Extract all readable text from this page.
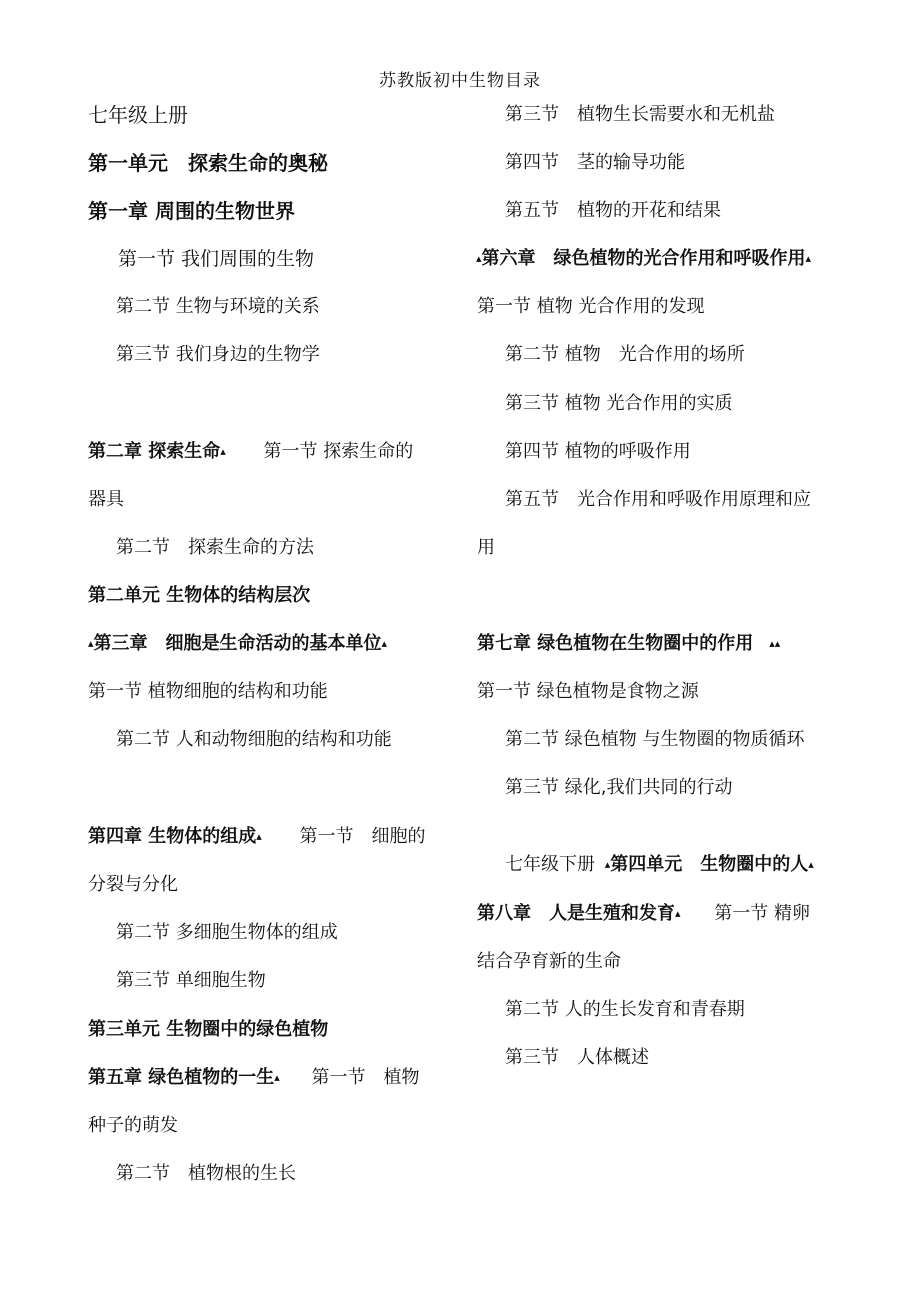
苏教版初中生物目录
七年级上册
第一单元　探索生命的奥秘
第一章 周围的生物世界
第一节 我们周围的生物
第二节 生物与环境的关系
第三节 我们身边的生物学
第二章 探索生命▴ 第一节 探索生命的
器具
第二节　探索生命的方法
第二单元 生物体的结构层次
▴第三章　细胞是生命活动的基本单位▴
第一节 植物细胞的结构和功能
第二节 人和动物细胞的结构和功能
第四章 生物体的组成▴ 第一节　细胞的
分裂与分化
第二节 多细胞生物体的组成
第三节 单细胞生物
第三单元 生物圈中的绿色植物
第五章 绿色植物的一生▴ 第一节　植物
种子的萌发
第二节　植物根的生长
第三节　植物生长需要水和无机盐
第四节　茎的输导功能
第五节　植物的开花和结果
▴第六章　绿色植物的光合作用和呼吸作用▴
第一节 植物 光合作用的发现
第二节 植物　光合作用的场所
第三节 植物 光合作用的实质
第四节 植物的呼吸作用
第五节　光合作用和呼吸作用原理和应
用
第七章 绿色植物在生物圈中的作用 ▴▴
第一节 绿色植物是食物之源
第二节 绿色植物 与生物圈的物质循环
第三节 绿化,我们共同的行动
七年级下册 ▴第四单元　生物圈中的人▴
第八章　人是生殖和发育▴ 第一节 精卵
结合孕育新的生命
第二节 人的生长发育和青春期
第三节　人体概述
